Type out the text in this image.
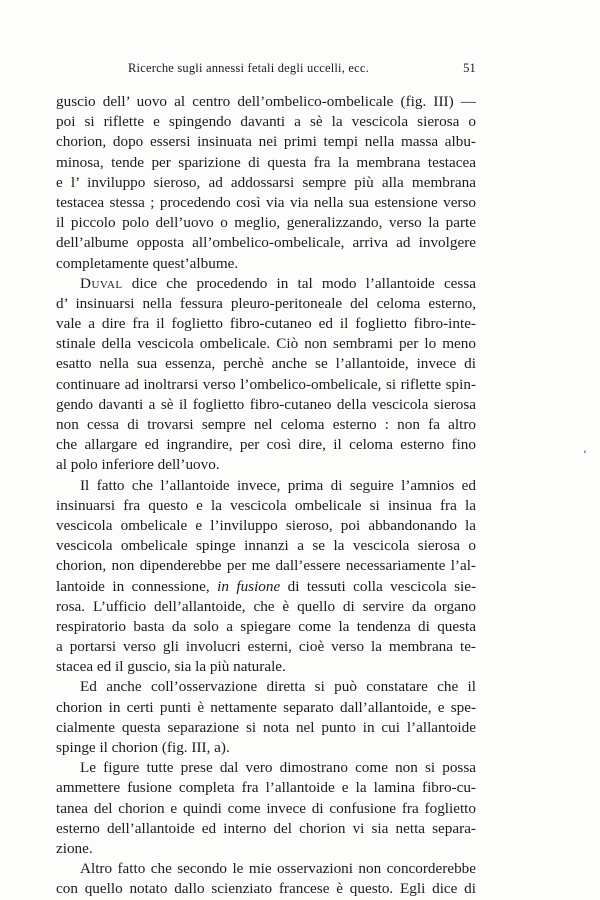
Ricerche sugli annessi fetali degli uccelli, ecc.	51
‘
guscio dell’ uovo al centro dell’ombelico-ombelicale (fig. III) —
poi si riflette e spingendo davanti a sè la vescicola sierosa o
chorion, dopo essersi insinuata nei primi tempi nella massa albu-
minosa, tende per sparizione di questa fra la membrana testacea
e l’ inviluppo sieroso, ad addossarsi sempre più alla membrana
testacea stessa ; procedendo così via via nella sua estensione verso
il piccolo polo dell’uovo o meglio, generalizzando, verso la parte
dell’albume opposta all’ombelico-ombelicale, arriva ad involgere
completamente quest’albume.
Duval dice che procedendo in tal modo l’allantoide cessa
d’ insinuarsi nella fessura pleuro-peritoneale del celoma esterno,
vale a dire fra il foglietto fibro-cutaneo ed il foglietto fibro-inte-
stinale della vescicola ombelicale. Ciò non sembrami per lo meno
esatto nella sua essenza, perchè anche se l’allantoide, invece di
continuare ad inoltrarsi verso l’ombelico-ombelicale, si riflette spin-
gendo davanti a sè il foglietto fibro-cutaneo della vescicola sierosa
non cessa di trovarsi sempre nel celoma esterno : non fa altro
che allargare ed ingrandire, per così dire, il celoma esterno fino
al polo inferiore dell’uovo.
Il fatto che l’allantoide invece, prima di seguire l’amnios ed
insinuarsi fra questo e la vescicola ombelicale si insinua fra la
vescicola ombelicale e l’inviluppo sieroso, poi abbandonando la
vescicola ombelicale spinge innanzi a se la vescicola sierosa o
chorion, non dipenderebbe per me dall’essere necessariamente l’al-
lantoide in connessione, in fusione di tessuti colla vescicola sie-
rosa. L’ufficio dell’allantoide, che è quello di servire da organo
respiratorio basta da solo a spiegare come la tendenza di questa
a portarsi verso gli involucri esterni, cioè verso la membrana te-
stacea ed il guscio, sia la più naturale.
Ed anche coll’osservazione diretta si può constatare che il
chorion in certi punti è nettamente separato dall’allantoide, e spe-
cialmente questa separazione si nota nel punto in cui l’allantoide
spinge il chorion (fig. III, a).
Le figure tutte prese dal vero dimostrano come non si possa
ammettere fusione completa fra l’allantoide e la lamina fibro-cu-
tanea del chorion e quindi come invece di confusione fra foglietto
esterno dell’allantoide ed interno del chorion vi sia netta separa-
zione.
Altro fatto che secondo le mie osservazioni non concorderebbe
con quello notato dallo scienziato francese è questo. Egli dice di
